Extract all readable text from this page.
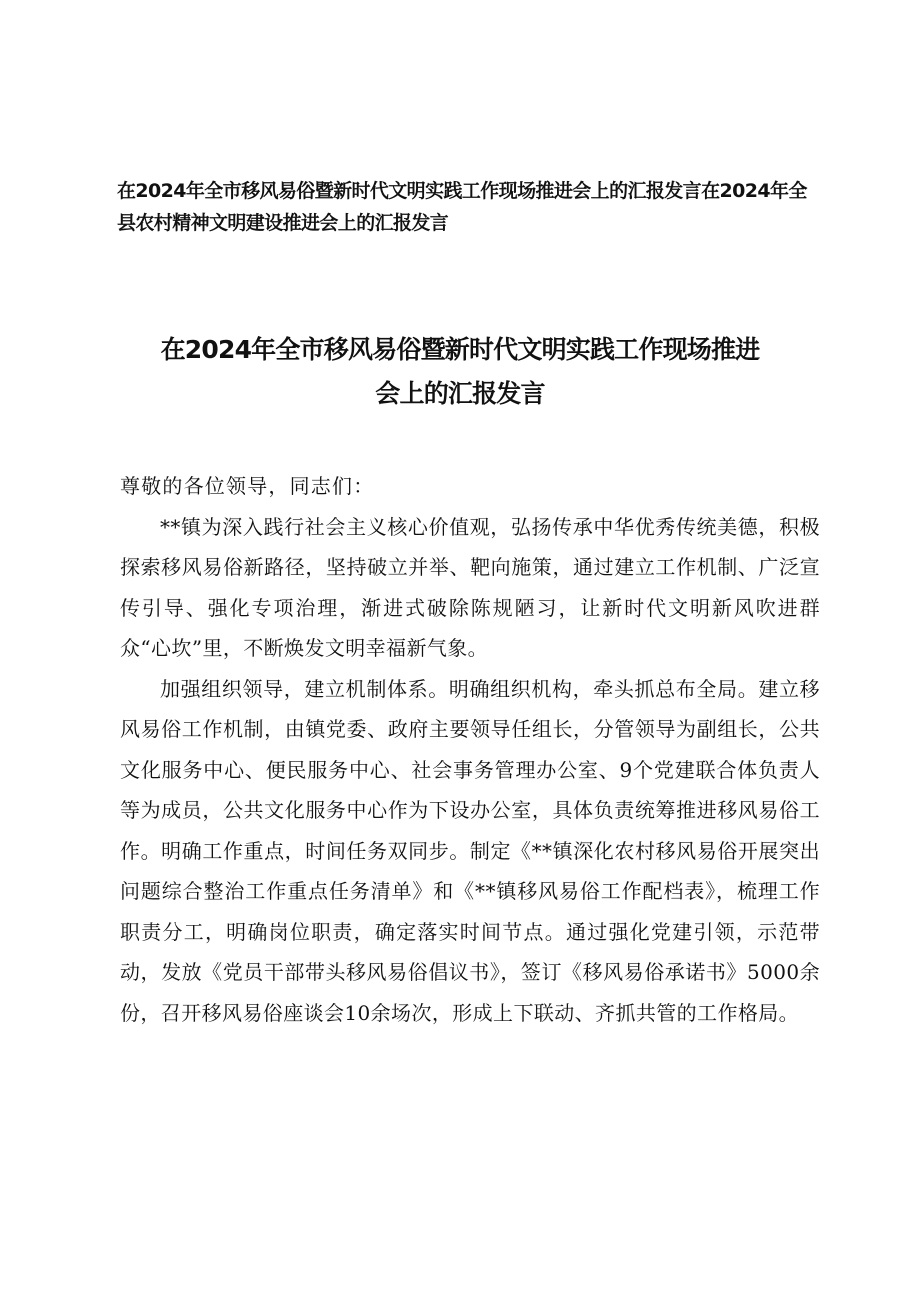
在2024年全市移风易俗暨新时代文明实践工作现场推进会上的汇报发言在2024年全县农村精神文明建设推进会上的汇报发言

在2024年全市移风易俗暨新时代文明实践工作现场推进
会上的汇报发言

尊敬的各位领导，同志们：

**镇为深入践行社会主义核心价值观，弘扬传承中华优秀传统美德，积极探索移风易俗新路径，坚持破立并举、靶向施策，通过建立工作机制、广泛宣传引导、强化专项治理，渐进式破除陈规陋习，让新时代文明新风吹进群众“心坎”里，不断焕发文明幸福新气象。

加强组织领导，建立机制体系。明确组织机构，牵头抓总布全局。建立移风易俗工作机制，由镇党委、政府主要领导任组长，分管领导为副组长，公共文化服务中心、便民服务中心、社会事务管理办公室、9个党建联合体负责人等为成员，公共文化服务中心作为下设办公室，具体负责统筹推进移风易俗工作。明确工作重点，时间任务双同步。制定《**镇深化农村移风易俗开展突出问题综合整治工作重点任务清单》和《**镇移风易俗工作配档表》，梳理工作职责分工，明确岗位职责，确定落实时间节点。通过强化党建引领，示范带动，发放《党员干部带头移风易俗倡议书》，签订《移风易俗承诺书》5000余份，召开移风易俗座谈会10余场次，形成上下联动、齐抓共管的工作格局。
